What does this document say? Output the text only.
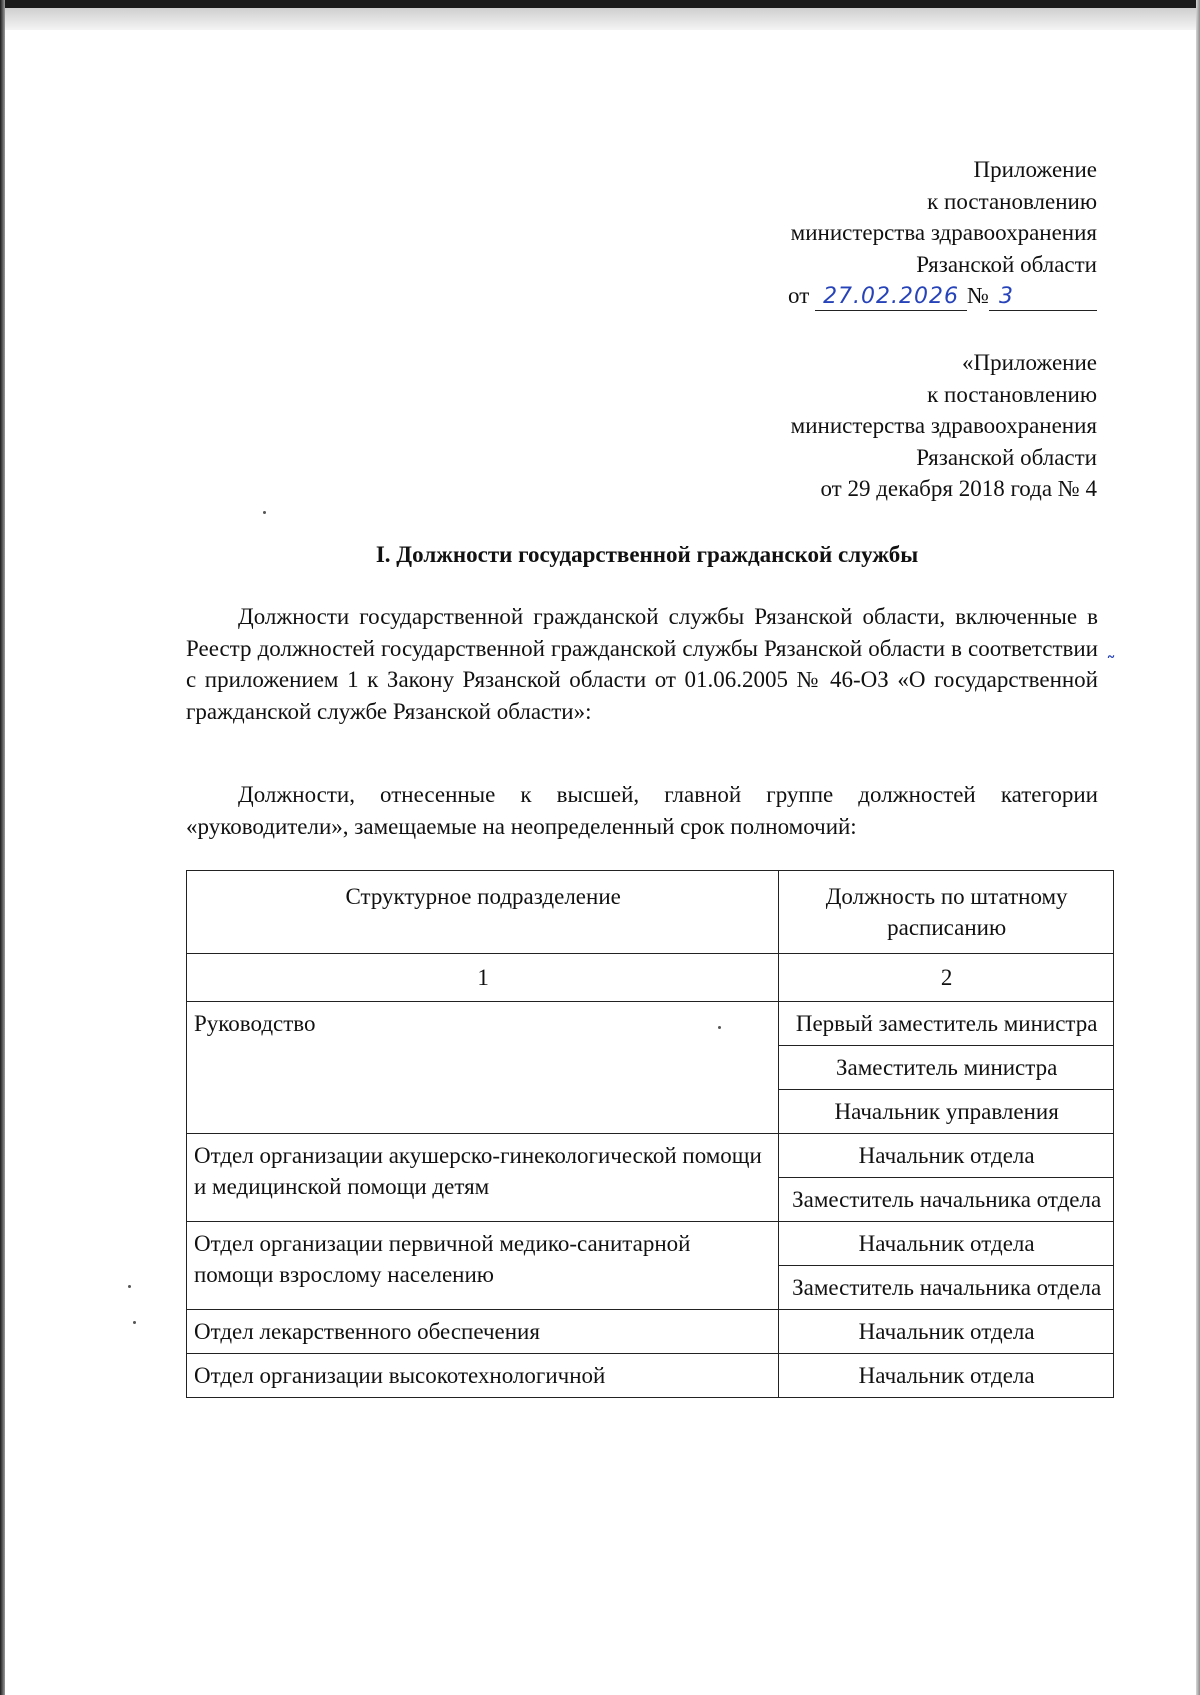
Приложение
к постановлению
министерства здравоохранения
Рязанской области
от 27.02.2026 № 3
«Приложение
к постановлению
министерства здравоохранения
Рязанской области
от 29 декабря 2018 года № 4
I. Должности государственной гражданской службы

Должности государственной гражданской службы Рязанской области, включенные в Реестр должностей государственной гражданской службы Рязанской области в соответствии с приложением 1 к Закону Рязанской области от 01.06.2005 № 46-ОЗ «О государственной гражданской службе Рязанской области»:

Должности, отнесенные к высшей, главной группе должностей категории «руководители», замещаемые на неопределенный срок полномочий:

Структурное подразделение	Должность по штатному расписанию
1	2
Руководство	Первый заместитель министра
	Заместитель министра
	Начальник управления
Отдел организации акушерско-гинекологической помощи и медицинской помощи детям	Начальник отдела
	Заместитель начальника отдела
Отдел организации первичной медико-санитарной помощи взрослому населению	Начальник отдела
	Заместитель начальника отдела
Отдел лекарственного обеспечения	Начальник отдела
Отдел организации высокотехнологичной	Начальник отдела
˜
